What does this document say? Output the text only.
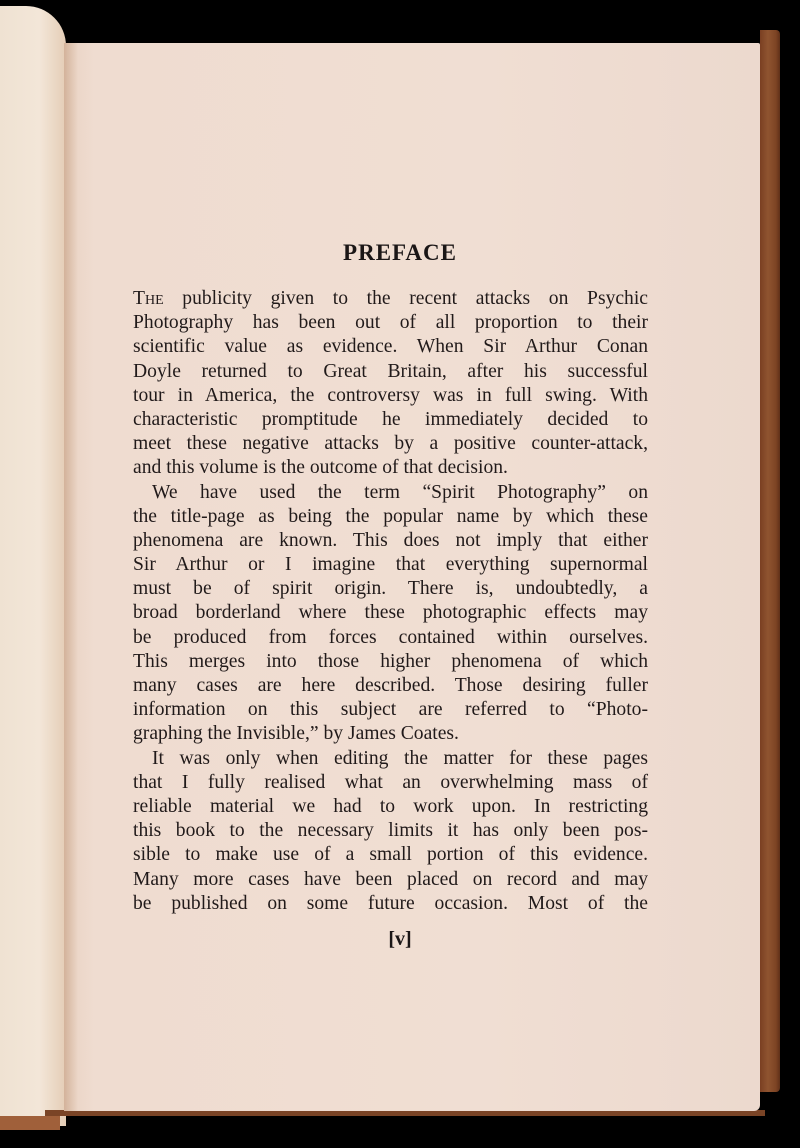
PREFACE
The publicity given to the recent attacks on Psychic
Photography has been out of all proportion to their
scientific value as evidence. When Sir Arthur Conan
Doyle returned to Great Britain, after his successful
tour in America, the controversy was in full swing. With
characteristic promptitude he immediately decided to
meet these negative attacks by a positive counter-attack,
and this volume is the outcome of that decision.
We have used the term “Spirit Photography” on
the title-page as being the popular name by which these
phenomena are known. This does not imply that either
Sir Arthur or I imagine that everything supernormal
must be of spirit origin. There is, undoubtedly, a
broad borderland where these photographic effects may
be produced from forces contained within ourselves.
This merges into those higher phenomena of which
many cases are here described. Those desiring fuller
information on this subject are referred to “Photo-
graphing the Invisible,” by James Coates.
It was only when editing the matter for these pages
that I fully realised what an overwhelming mass of
reliable material we had to work upon. In restricting
this book to the necessary limits it has only been pos-
sible to make use of a small portion of this evidence.
Many more cases have been placed on record and may
be published on some future occasion. Most of the
[v]
